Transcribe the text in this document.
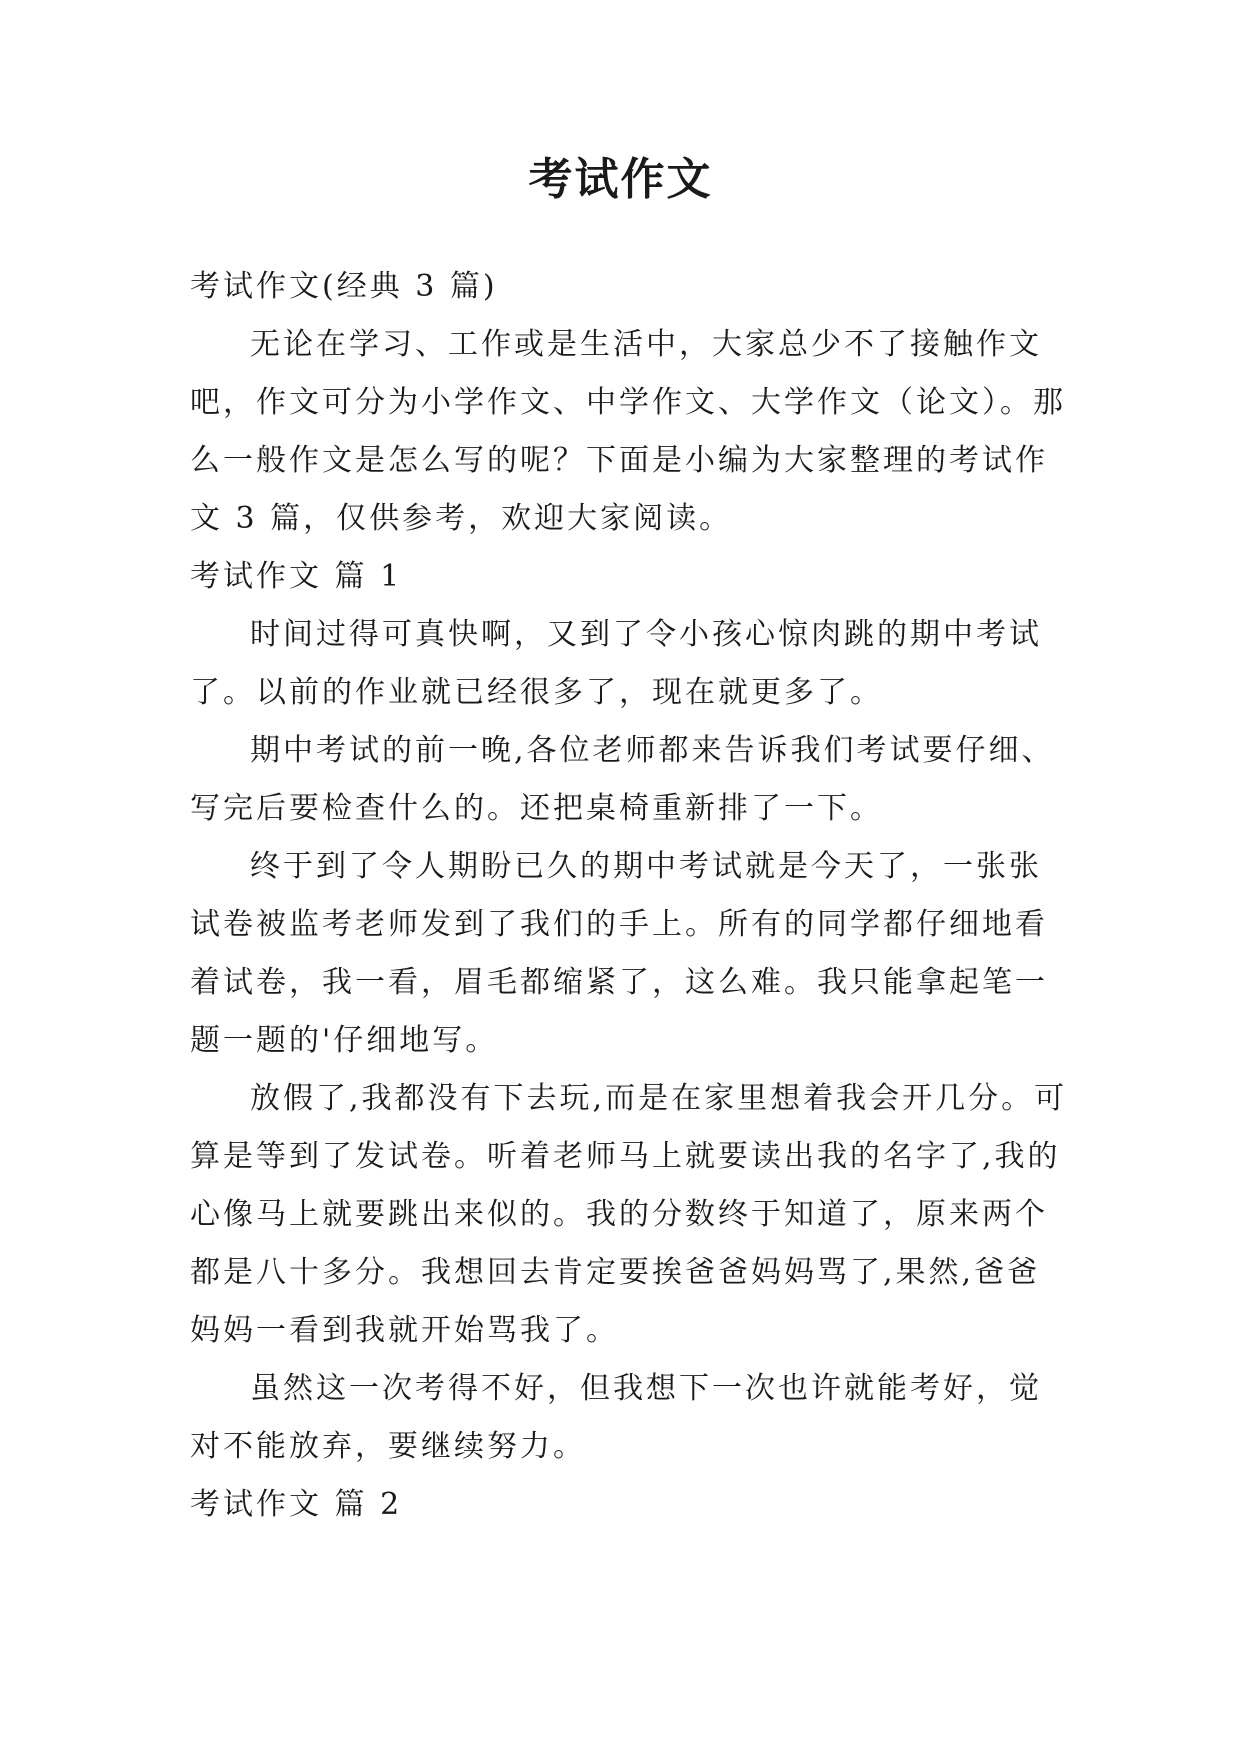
考试作文

考试作文(经典 3 篇)

无论在学习、工作或是生活中，大家总少不了接触作文吧，作文可分为小学作文、中学作文、大学作文（论文）。那么一般作文是怎么写的呢？下面是小编为大家整理的考试作文 3 篇，仅供参考，欢迎大家阅读。

考试作文 篇 1

时间过得可真快啊，又到了令小孩心惊肉跳的期中考试了。以前的作业就已经很多了，现在就更多了。

期中考试的前一晚,各位老师都来告诉我们考试要仔细、写完后要检查什么的。还把桌椅重新排了一下。

终于到了令人期盼已久的期中考试就是今天了，一张张试卷被监考老师发到了我们的手上。所有的同学都仔细地看着试卷，我一看，眉毛都缩紧了，这么难。我只能拿起笔一题一题的'仔细地写。

放假了,我都没有下去玩,而是在家里想着我会开几分。可算是等到了发试卷。听着老师马上就要读出我的名字了,我的心像马上就要跳出来似的。我的分数终于知道了，原来两个都是八十多分。我想回去肯定要挨爸爸妈妈骂了,果然,爸爸妈妈一看到我就开始骂我了。

虽然这一次考得不好，但我想下一次也许就能考好，觉对不能放弃，要继续努力。

考试作文 篇 2
